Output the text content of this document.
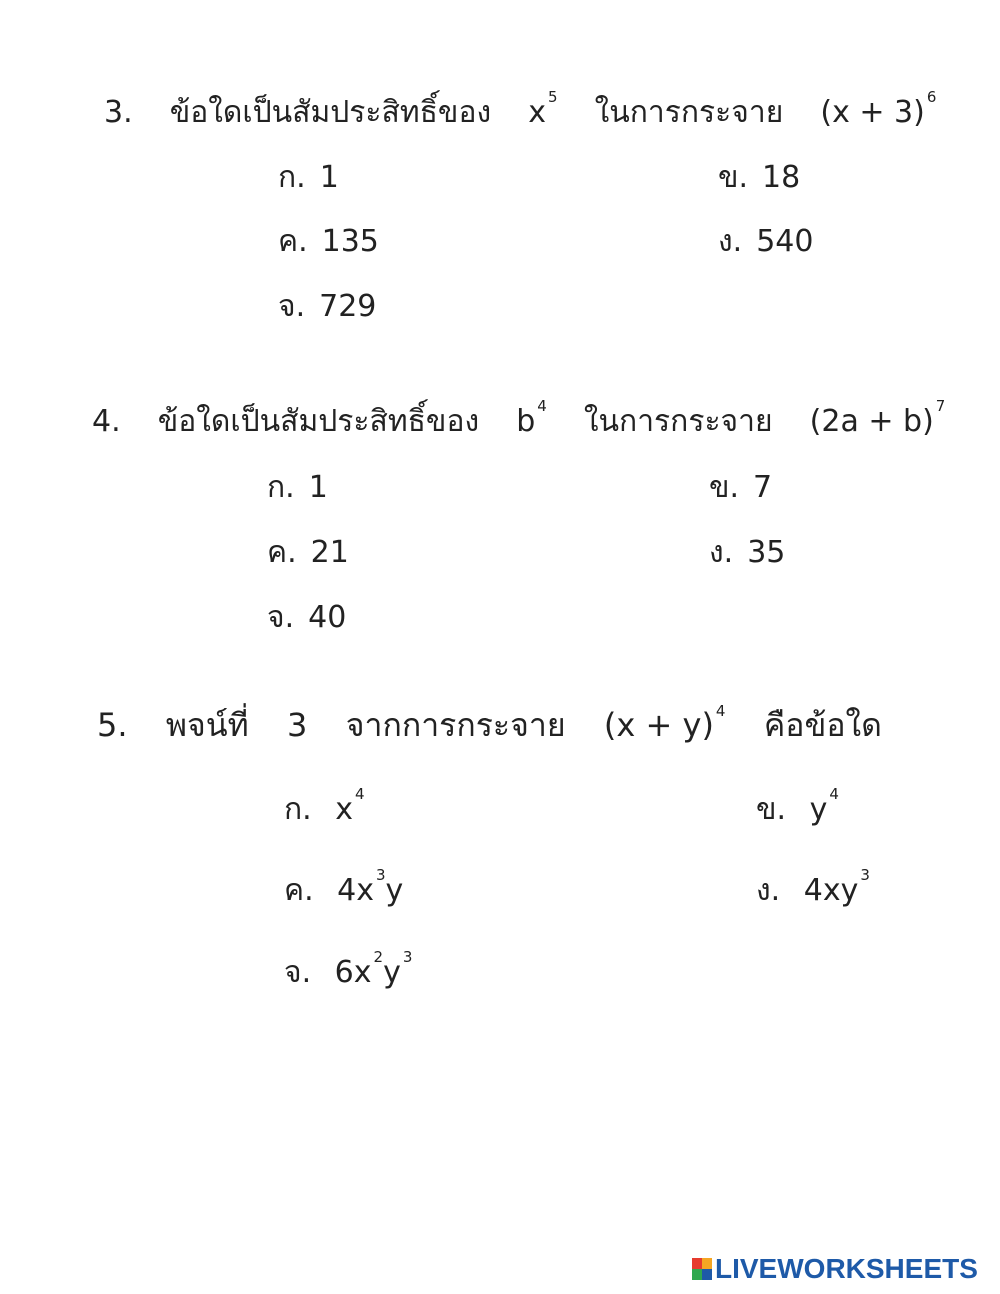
3. ข้อใดเป็นสัมประสิทธิ์ของ x $^5$ ในการกระจาย (x + 3) $^6$
ก. 1	ข. 18
ค. 135	ง. 540
จ. 729
4. ข้อใดเป็นสัมประสิทธิ์ของ b $^4$ ในการกระจาย (2a + b) $^7$
ก. 1	ข. 7
ค. 21	ง. 35
จ. 40
5. พจน์ที่ 3 จากการกระจาย (x + y) $^4$ คือข้อใด
ก. x $^4$	ข. y $^4$
ค. 4x $^3$y	ง. 4xy $^3$
จ. 6x $^2$y $^3$
LIVEWORKSHEETS
